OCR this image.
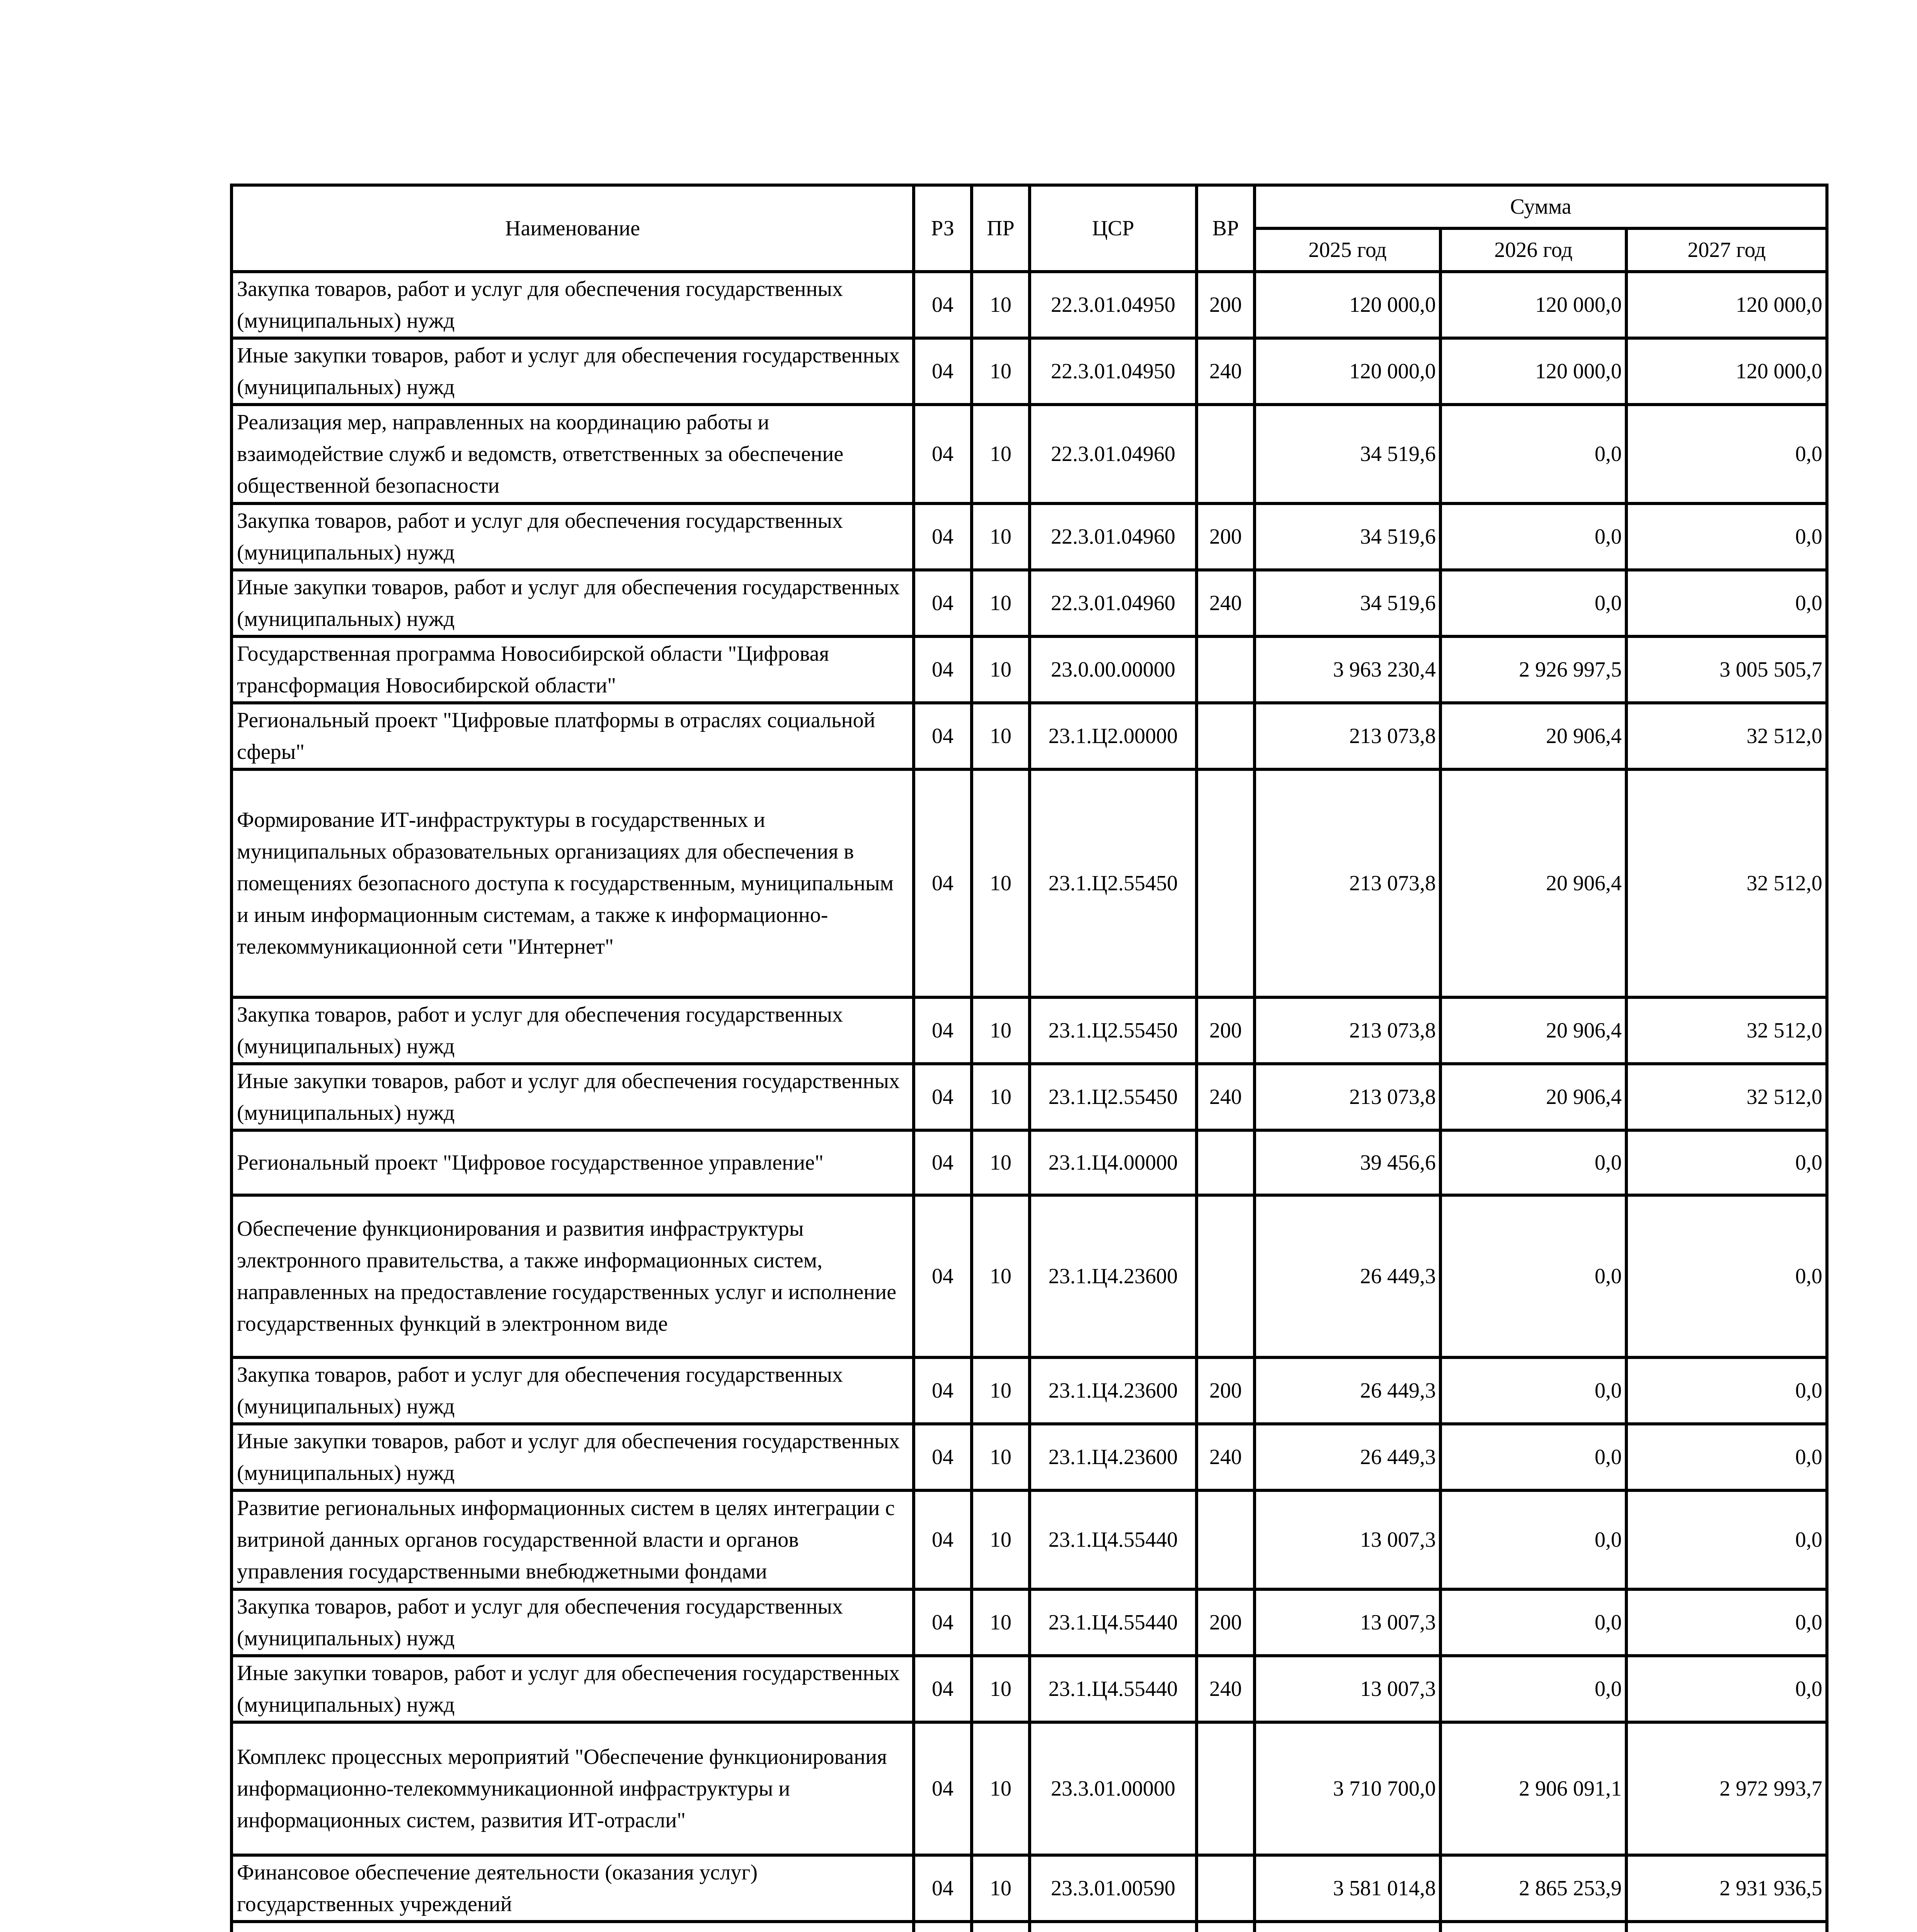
Наименование	РЗ	ПР	ЦСР	ВР	Сумма		
					2025 год	2026 год	2027 год
Закупка товаров, работ и услуг для обеспечения государственных (муниципальных) нужд	04	10	22.3.01.04950	200	120 000,0	120 000,0	120 000,0
Иные закупки товаров, работ и услуг для обеспечения государственных (муниципальных) нужд	04	10	22.3.01.04950	240	120 000,0	120 000,0	120 000,0
Реализация мер, направленных на координацию работы и взаимодействие служб и ведомств, ответственных за обеспечение общественной безопасности	04	10	22.3.01.04960		34 519,6	0,0	0,0
Закупка товаров, работ и услуг для обеспечения государственных (муниципальных) нужд	04	10	22.3.01.04960	200	34 519,6	0,0	0,0
Иные закупки товаров, работ и услуг для обеспечения государственных (муниципальных) нужд	04	10	22.3.01.04960	240	34 519,6	0,0	0,0
Государственная программа Новосибирской области "Цифровая трансформация Новосибирской области"	04	10	23.0.00.00000		3 963 230,4	2 926 997,5	3 005 505,7
Региональный проект "Цифровые платформы в отраслях социальной сферы"	04	10	23.1.Ц2.00000		213 073,8	20 906,4	32 512,0
Формирование ИТ-инфраструктуры в государственных и муниципальных образовательных организациях для обеспечения в помещениях безопасного доступа к государственным, муниципальным и иным информационным системам, а также к информационно-телекоммуникационной сети "Интернет"	04	10	23.1.Ц2.55450		213 073,8	20 906,4	32 512,0
Закупка товаров, работ и услуг для обеспечения государственных (муниципальных) нужд	04	10	23.1.Ц2.55450	200	213 073,8	20 906,4	32 512,0
Иные закупки товаров, работ и услуг для обеспечения государственных (муниципальных) нужд	04	10	23.1.Ц2.55450	240	213 073,8	20 906,4	32 512,0
Региональный проект "Цифровое государственное управление"	04	10	23.1.Ц4.00000		39 456,6	0,0	0,0
Обеспечение функционирования и развития инфраструктуры электронного правительства, а также информационных систем, направленных на предоставление государственных услуг и исполнение государственных функций в электронном виде	04	10	23.1.Ц4.23600		26 449,3	0,0	0,0
Закупка товаров, работ и услуг для обеспечения государственных (муниципальных) нужд	04	10	23.1.Ц4.23600	200	26 449,3	0,0	0,0
Иные закупки товаров, работ и услуг для обеспечения государственных (муниципальных) нужд	04	10	23.1.Ц4.23600	240	26 449,3	0,0	0,0
Развитие региональных информационных систем в целях интеграции с витриной данных органов государственной власти и органов управления государственными внебюджетными фондами	04	10	23.1.Ц4.55440		13 007,3	0,0	0,0
Закупка товаров, работ и услуг для обеспечения государственных (муниципальных) нужд	04	10	23.1.Ц4.55440	200	13 007,3	0,0	0,0
Иные закупки товаров, работ и услуг для обеспечения государственных (муниципальных) нужд	04	10	23.1.Ц4.55440	240	13 007,3	0,0	0,0
Комплекс процессных мероприятий "Обеспечение функционирования информационно-телекоммуникационной инфраструктуры и информационных систем, развития ИТ-отрасли"	04	10	23.3.01.00000		3 710 700,0	2 906 091,1	2 972 993,7
Финансовое обеспечение деятельности (оказания услуг) государственных учреждений	04	10	23.3.01.00590		3 581 014,8	2 865 253,9	2 931 936,5
